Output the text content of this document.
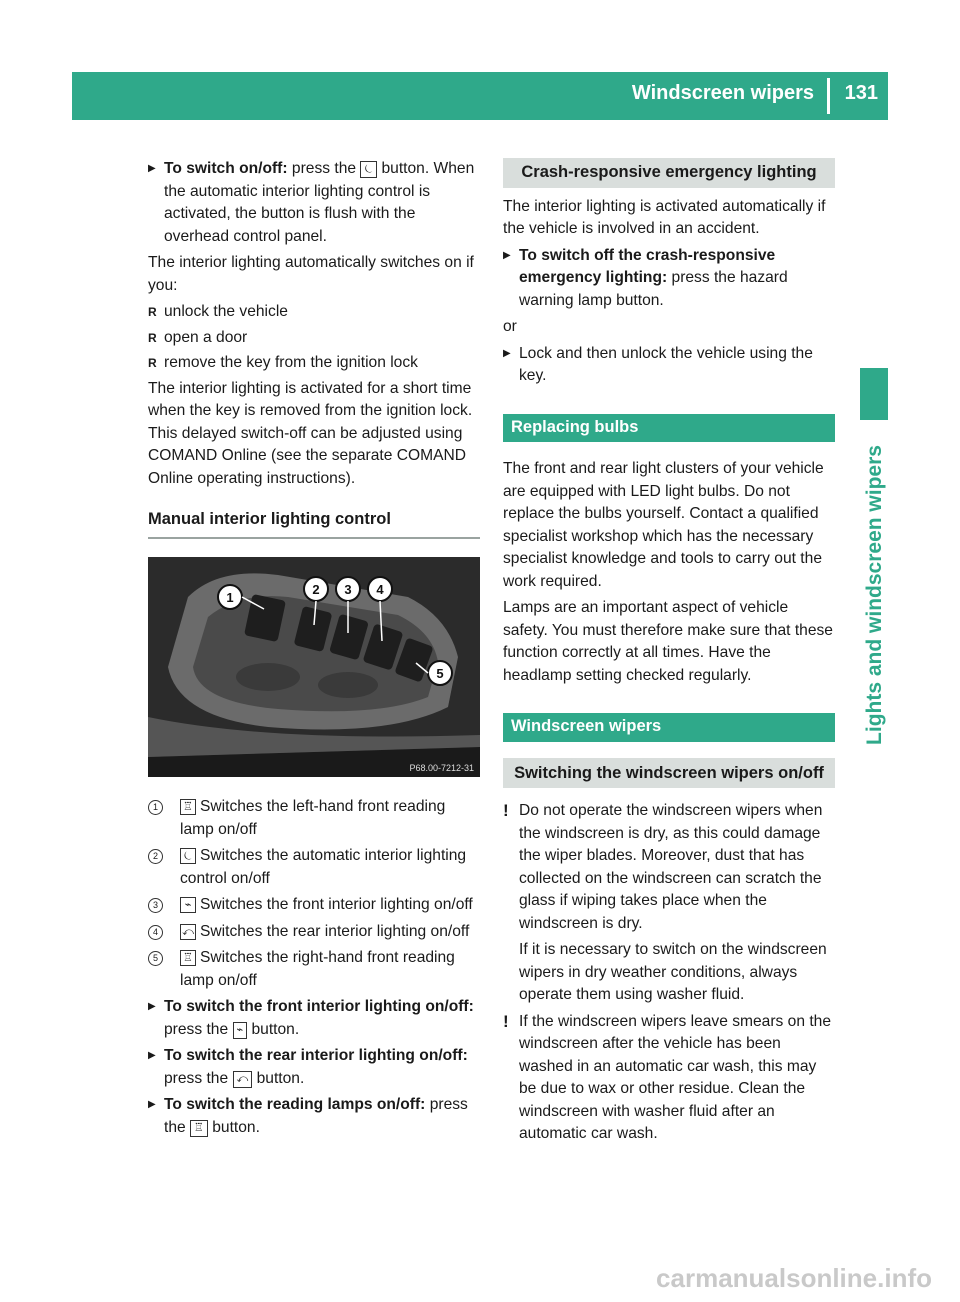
Windscreen wipers 131
Lights and windscreen wipers
▶ To switch on/off: press the ⏾ button. When the automatic interior lighting control is activated, the button is flush with the overhead control panel.

The interior lighting automatically switches on if you:

R unlock the vehicle
R open a door
R remove the key from the ignition lock

The interior lighting is activated for a short time when the key is removed from the ignition lock. This delayed switch-off can be adjusted using COMAND Online (see the separate COMAND Online operating instructions).

Manual interior lighting control
1
2 3 4
5
P68.00-7212-31
1	♖ Switches the left-hand front reading lamp on/off
2	⏾ Switches the automatic interior lighting control on/off
3	⌁ Switches the front interior lighting on/off
4	⤺ Switches the rear interior lighting on/off
5	♖ Switches the right-hand front reading lamp on/off
▶ To switch the front interior lighting on/off: press the ⌁ button.
▶ To switch the rear interior lighting on/off: press the ⤺ button.
▶ To switch the reading lamps on/off: press the ♖ button.
Crash-responsive emergency lighting

The interior lighting is activated automatically if the vehicle is involved in an accident.

▶ To switch off the crash-responsive emergency lighting: press the hazard warning lamp button.

or

▶ Lock and then unlock the vehicle using the key.
Replacing bulbs

The front and rear light clusters of your vehicle are equipped with LED light bulbs. Do not replace the bulbs yourself. Contact a qualified specialist workshop which has the necessary specialist knowledge and tools to carry out the work required.

Lamps are an important aspect of vehicle safety. You must therefore make sure that these function correctly at all times. Have the headlamp setting checked regularly.

Windscreen wipers
Switching the windscreen wipers on/off
! Do not operate the windscreen wipers when the windscreen is dry, as this could damage the wiper blades. Moreover, dust that has collected on the windscreen can scratch the glass if wiping takes place when the windscreen is dry.

If it is necessary to switch on the windscreen wipers in dry weather conditions, always operate them using washer fluid.

! If the windscreen wipers leave smears on the windscreen after the vehicle has been washed in an automatic car wash, this may be due to wax or other residue. Clean the windscreen with washer fluid after an automatic car wash.

carmanualsonline.info
